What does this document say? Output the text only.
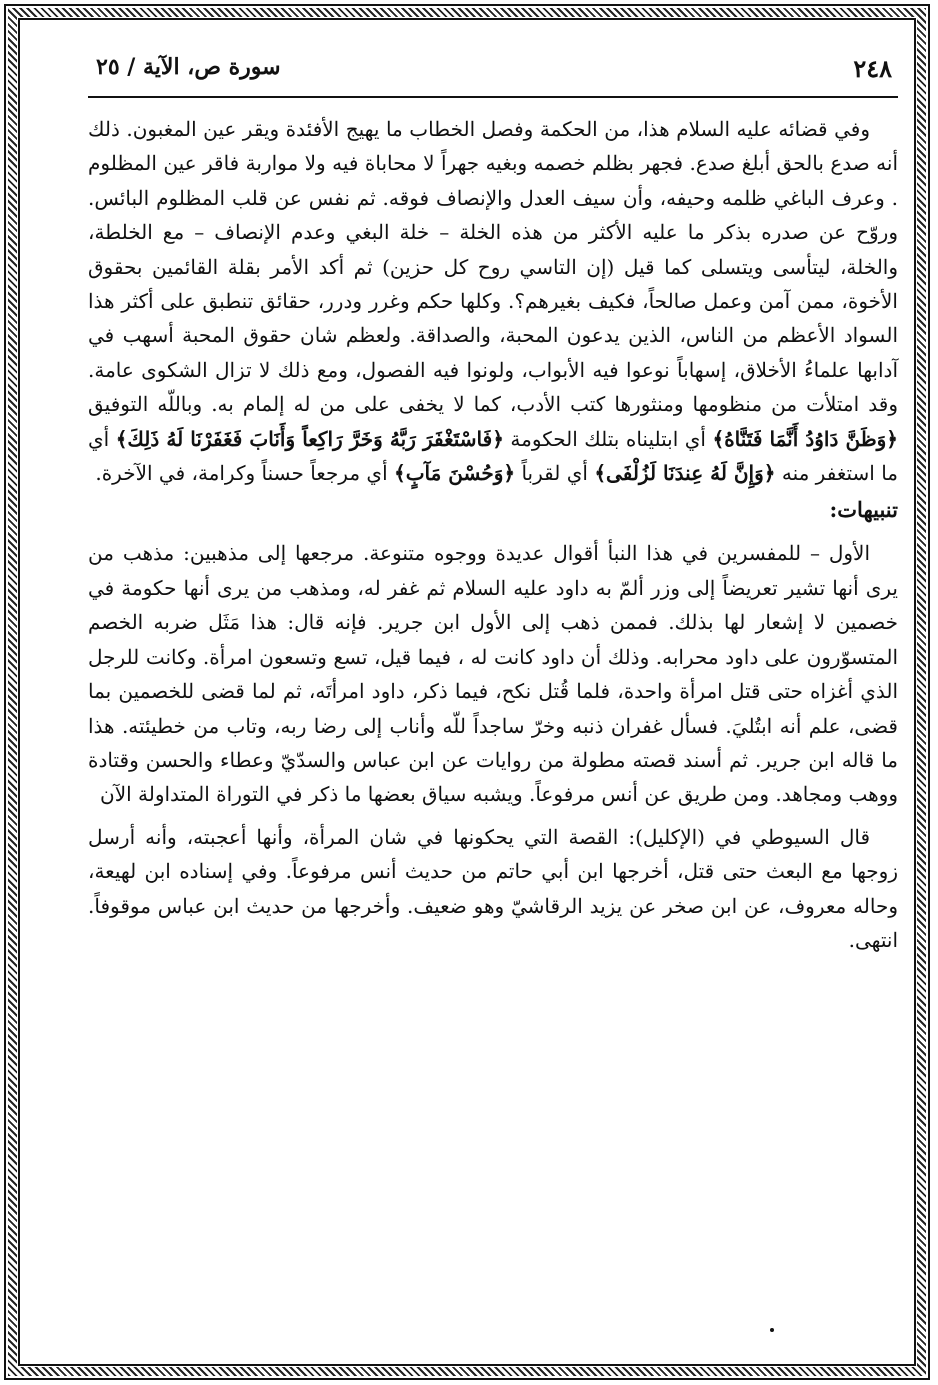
٢٤٨
سورة ص، الآية / ٢٥

وفي قضائه عليه السلام هذا، من الحكمة وفصل الخطاب ما يهيج الأفئدة ويقر عين المغبون. ذلك أنه صدع بالحق أبلغ صدع. فجهر بظلم خصمه وبغيه جهراً لا محاباة فيه ولا مواربة فاقر عين المظلوم . وعرف الباغي ظلمه وحيفه، وأن سيف العدل والإنصاف فوقه. ثم نفس عن قلب المظلوم البائس. وروّح عن صدره بذكر ما عليه الأكثر من هذه الخلة – خلة البغي وعدم الإنصاف – مع الخلطة، والخلة، ليتأسى ويتسلى كما قيل (إن التاسي روح كل حزين) ثم أكد الأمر بقلة القائمين بحقوق الأخوة، ممن آمن وعمل صالحاً، فكيف بغيرهم؟. وكلها حكم وغرر ودرر، حقائق تنطبق على أكثر هذا السواد الأعظم من الناس، الذين يدعون المحبة، والصداقة. ولعظم شان حقوق المحبة أسهب في آدابها علماءُ الأخلاق، إسهاباً نوعوا فيه الأبواب، ولونوا فيه الفصول، ومع ذلك لا تزال الشكوى عامة. وقد امتلأت من منظومها ومنثورها كتب الأدب، كما لا يخفى على من له إلمام به. وباللّه التوفيق ﴿وَظَنَّ دَاوُدُ أَنَّمَا فَتَنَّاهُ﴾ أي ابتليناه بتلك الحكومة ﴿فَاسْتَغْفَرَ رَبَّهُ وَخَرَّ رَاكِعاً وَأَنَابَ فَغَفَرْنَا لَهُ ذَلِكَ﴾ أي ما استغفر منه ﴿وَإِنَّ لَهُ عِندَنَا لَزُلْفَى﴾ أي لقرباً ﴿وَحُسْنَ مَآبٍ﴾ أي مرجعاً حسناً وكرامة، في الآخرة.

تنبيهات:

الأول – للمفسرين في هذا النبأ أقوال عديدة ووجوه متنوعة. مرجعها إلى مذهبين: مذهب من يرى أنها تشير تعريضاً إلى وزر ألمّ به داود عليه السلام ثم غفر له، ومذهب من يرى أنها حكومة في خصمين لا إشعار لها بذلك. فممن ذهب إلى الأول ابن جرير. فإنه قال: هذا مَثَل ضربه الخصم المتسوّرون على داود محرابه. وذلك أن داود كانت له ، فيما قيل، تسع وتسعون امرأة. وكانت للرجل الذي أغزاه حتى قتل امرأة واحدة، فلما قُتل نكح، فيما ذكر، داود امرأتَه، ثم لما قضى للخصمين بما قضى، علم أنه ابتُليَ. فسأل غفران ذنبه وخرّ ساجداً للّه وأناب إلى رضا ربه، وتاب من خطيئته. هذا ما قاله ابن جرير. ثم أسند قصته مطولة من روايات عن ابن عباس والسدّيّ وعطاء والحسن وقتادة ووهب ومجاهد. ومن طريق عن أنس مرفوعاً. ويشبه سياق بعضها ما ذكر في التوراة المتداولة الآن

قال السيوطي في (الإكليل): القصة التي يحكونها في شان المرأة، وأنها أعجبته، وأنه أرسل زوجها مع البعث حتى قتل، أخرجها ابن أبي حاتم من حديث أنس مرفوعاً. وفي إسناده ابن لهيعة، وحاله معروف، عن ابن صخر عن يزيد الرقاشيّ وهو ضعيف. وأخرجها من حديث ابن عباس موقوفاً. انتهى.
